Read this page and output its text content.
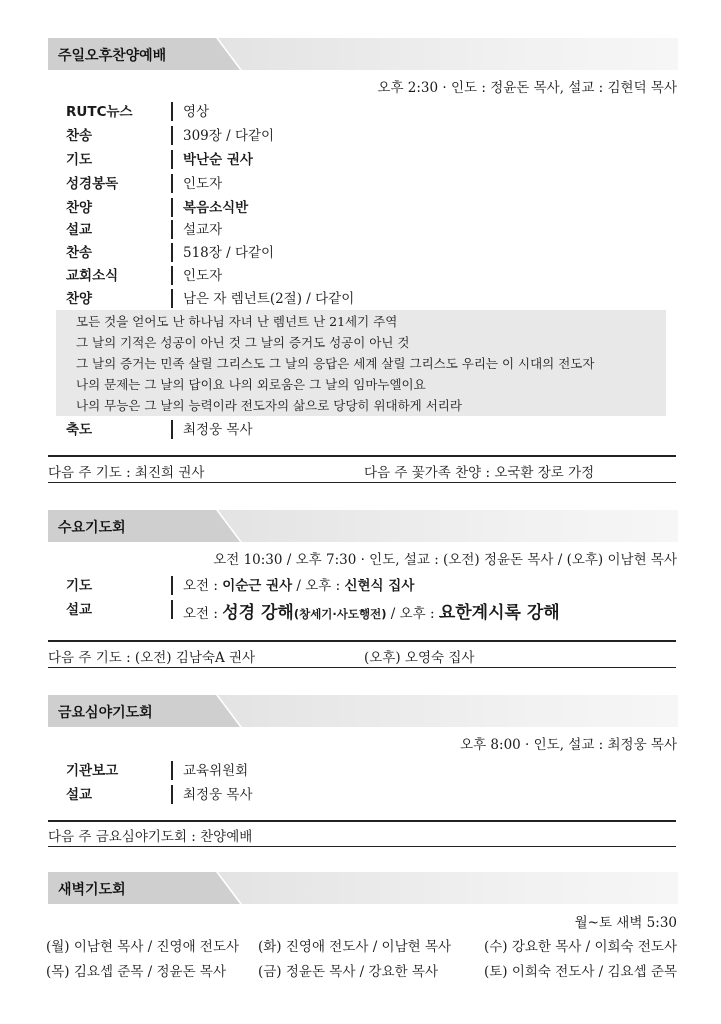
주일오후찬양예배
오후 2:30 · 인도 : 정윤돈 목사, 설교 : 김현덕 목사
RUTC뉴스	영상
찬송	309장 / 다같이
기도	박난순 권사
성경봉독	인도자
찬양	복음소식반
설교	설교자
찬송	518장 / 다같이
교회소식	인도자
찬양	남은 자 렘넌트(2절) / 다같이
모든 것을 얻어도 난 하나님 자녀 난 렘넌트 난 21세기 주역
그 날의 기적은 성공이 아닌 것 그 날의 증거도 성공이 아닌 것
그 날의 증거는 민족 살릴 그리스도 그 날의 응답은 세계 살릴 그리스도 우리는 이 시대의 전도자
나의 문제는 그 날의 답이요 나의 외로움은 그 날의 임마누엘이요
나의 무능은 그 날의 능력이라 전도자의 삶으로 당당히 위대하게 서리라
축도	최정웅 목사
다음 주 기도 : 최진희 권사	다음 주 꽃가족 찬양 : 오국환 장로 가정
수요기도회
오전 10:30 / 오후 7:30 · 인도, 설교 : (오전) 정윤돈 목사 / (오후) 이남현 목사
기도	오전 : 이순근 권사 / 오후 : 신현식 집사
설교	오전 : 성경 강해(창세기·사도행전) / 오후 : 요한계시록 강해
다음 주 기도 : (오전) 김남숙A 권사	(오후) 오영숙 집사
금요심야기도회
오후 8:00 · 인도, 설교 : 최정웅 목사
기관보고	교육위원회
설교	최정웅 목사
다음 주 금요심야기도회 : 찬양예배
새벽기도회
월~토 새벽 5:30
(월) 이남현 목사 / 진영애 전도사 (화) 진영애 전도사 / 이남현 목사 (수) 강요한 목사 / 이희숙 전도사
(목) 김요셉 준목 / 정윤돈 목사 (금) 정윤돈 목사 / 강요한 목사	(토) 이희숙 전도사 / 김요셉 준목
